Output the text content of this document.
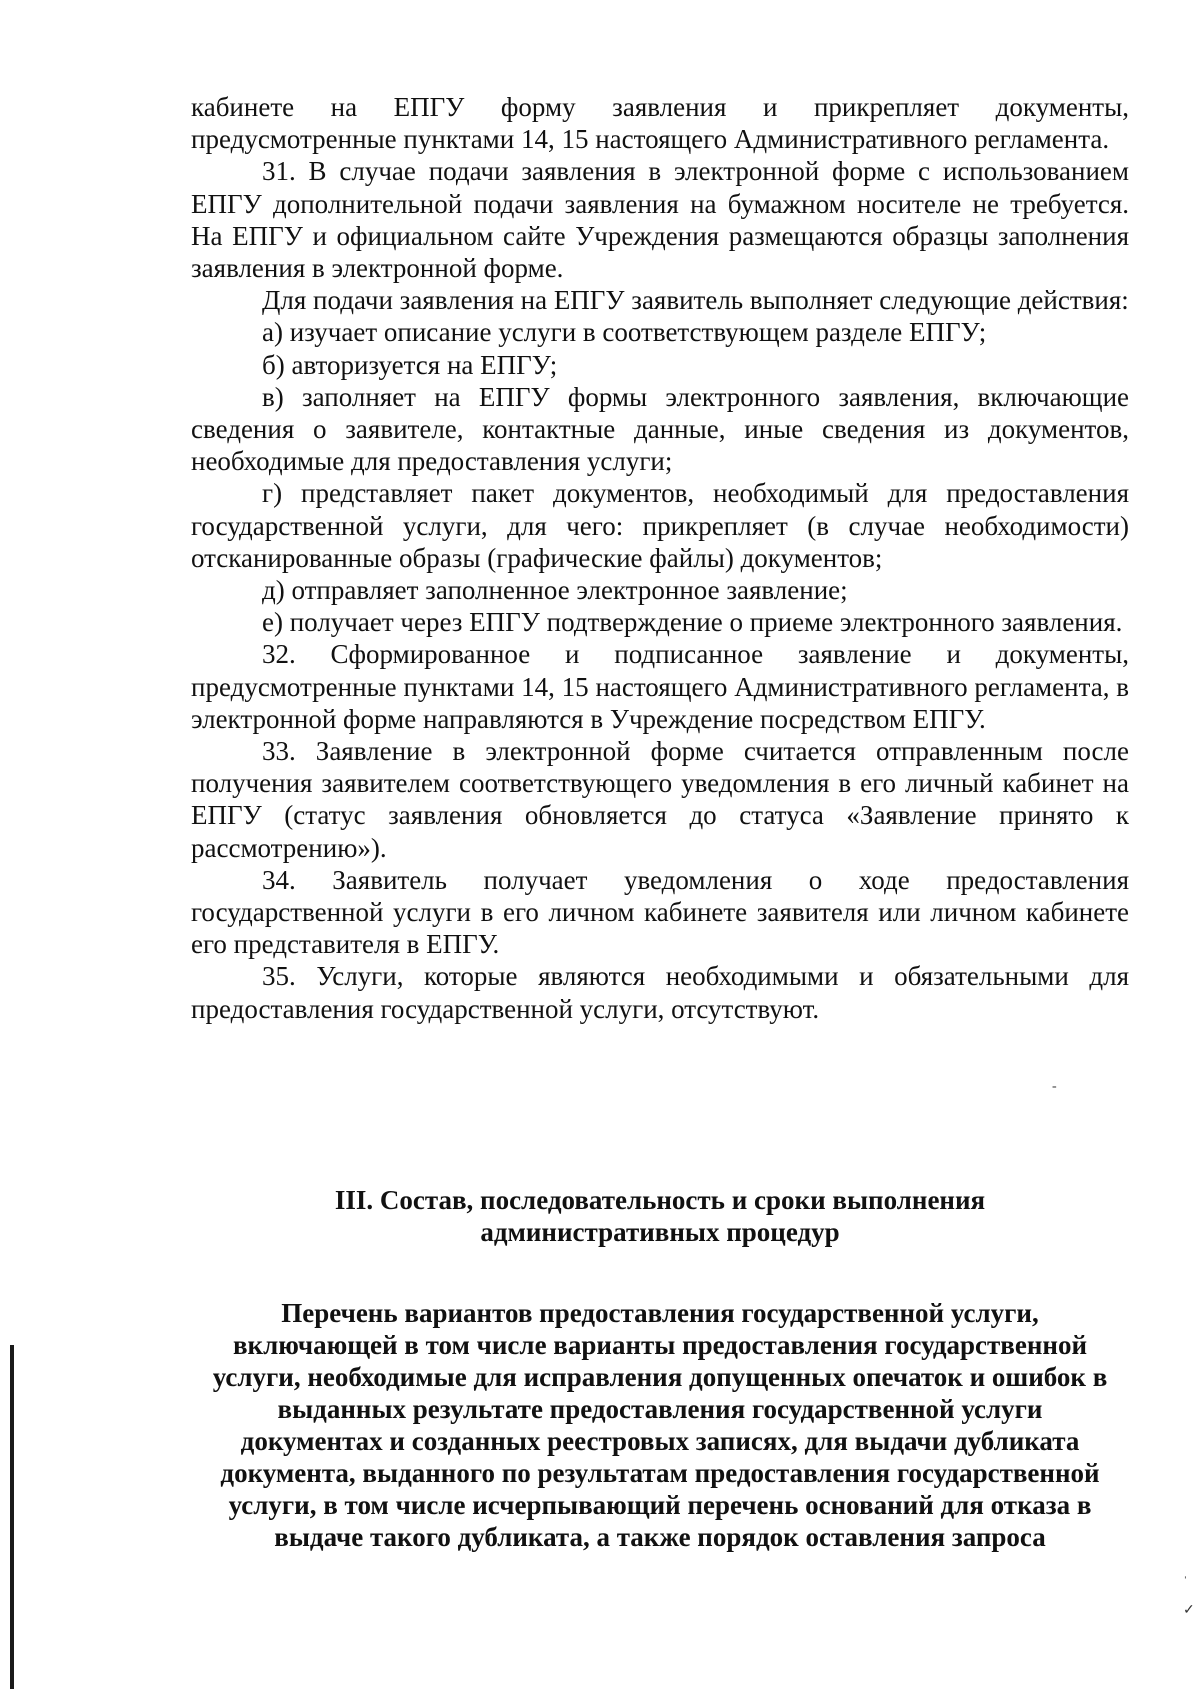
-
ˈ
✓

кабинете на ЕПГУ форму заявления и прикрепляет документы, предусмотренные пунктами 14, 15 настоящего Административного регламента.

31. В случае подачи заявления в электронной форме с использованием ЕПГУ дополнительной подачи заявления на бумажном носителе не требуется. На ЕПГУ и официальном сайте Учреждения размещаются образцы заполнения заявления в электронной форме.

Для подачи заявления на ЕПГУ заявитель выполняет следующие действия:

а) изучает описание услуги в соответствующем разделе ЕПГУ;

б) авторизуется на ЕПГУ;

в) заполняет на ЕПГУ формы электронного заявления, включающие сведения о заявителе, контактные данные, иные сведения из документов, необходимые для предоставления услуги;

г) представляет пакет документов, необходимый для предоставления государственной услуги, для чего: прикрепляет (в случае необходимости) отсканированные образы (графические файлы) документов;

д) отправляет заполненное электронное заявление;

е) получает через ЕПГУ подтверждение о приеме электронного заявления.

32. Сформированное и подписанное заявление и документы, предусмотренные пунктами 14, 15 настоящего Административного регламента, в электронной форме направляются в Учреждение посредством ЕПГУ.

33. Заявление в электронной форме считается отправленным после получения заявителем соответствующего уведомления в его личный кабинет на ЕПГУ (статус заявления обновляется до статуса «Заявление принято к рассмотрению»).

34. Заявитель получает уведомления о ходе предоставления государственной услуги в его личном кабинете заявителя или личном кабинете его представителя в ЕПГУ.

35. Услуги, которые являются необходимыми и обязательными для предоставления государственной услуги, отсутствуют.

III. Состав, последовательность и сроки выполнения
административных процедур
Перечень вариантов предоставления государственной услуги,
включающей в том числе варианты предоставления государственной
услуги, необходимые для исправления допущенных опечаток и ошибок в
выданных результате предоставления государственной услуги
документах и созданных реестровых записях, для выдачи дубликата
документа, выданного по результатам предоставления государственной
услуги, в том числе исчерпывающий перечень оснований для отказа в
выдаче такого дубликата, а также порядок оставления запроса
